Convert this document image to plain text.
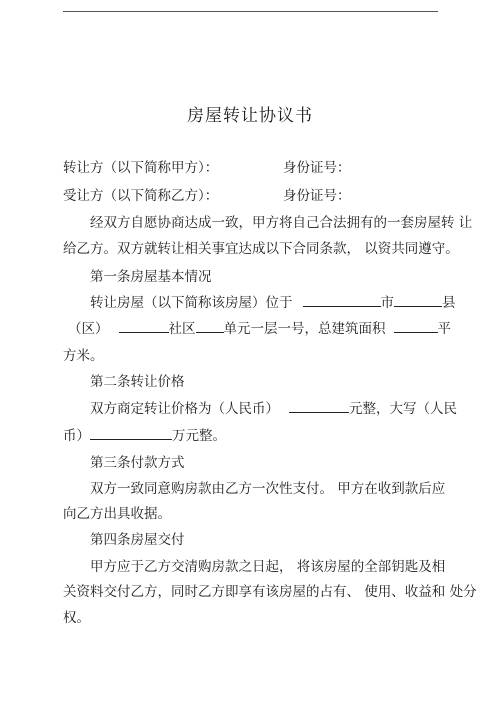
房屋转让协议书
转让方（以下简称甲方）：	身份证号：
受让方（以下简称乙方）：	身份证号：
经双方自愿协商达成一致，甲方将自己合法拥有的一套房屋转 让
给乙方。双方就转让相关事宜达成以下合同条款， 以资共同遵守。
第一条房屋基本情况
转让房屋（以下简称该房屋）位于	市	县
（区）	社区 单元一层一号，总建筑面积	平
方米。
第二条转让价格
双方商定转让价格为（人民币）	元整，大写（人民
币）	万元整。
第三条付款方式
双方一致同意购房款由乙方一次性支付。 甲方在收到款后应
向乙方出具收据。
第四条房屋交付
甲方应于乙方交清购房款之日起， 将该房屋的全部钥匙及相
关资料交付乙方，同时乙方即享有该房屋的占有、 使用、收益和 处分
权。
